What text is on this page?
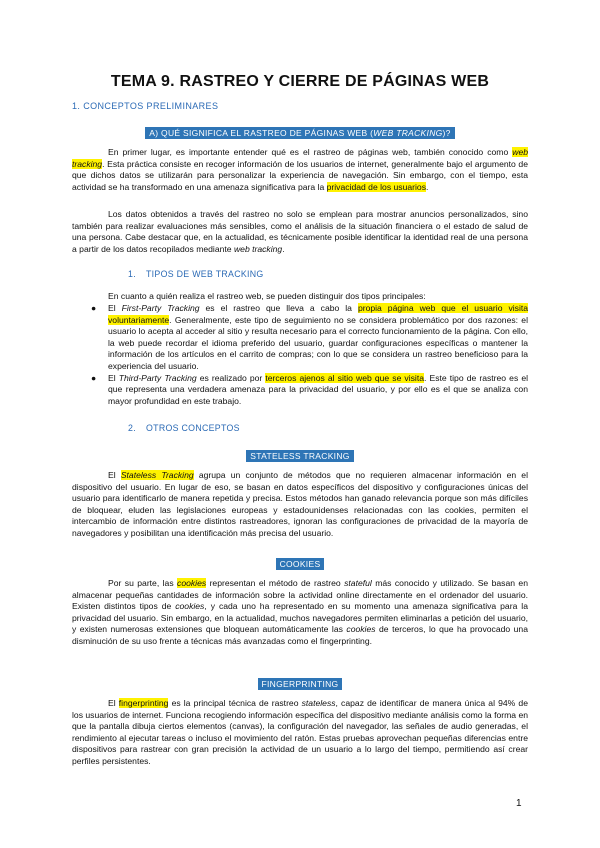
TEMA 9. RASTREO Y CIERRE DE PÁGINAS WEB
1. CONCEPTOS PRELIMINARES
A) QUÉ SIGNIFICA EL RASTREO DE PÁGINAS WEB (WEB TRACKING)?

En primer lugar, es importante entender qué es el rastreo de páginas web, también conocido como web tracking. Esta práctica consiste en recoger información de los usuarios de internet, generalmente bajo el argumento de que dichos datos se utilizarán para personalizar la experiencia de navegación. Sin embargo, con el tiempo, esta actividad se ha transformado en una amenaza significativa para la privacidad de los usuarios.

Los datos obtenidos a través del rastreo no solo se emplean para mostrar anuncios personalizados, sino también para realizar evaluaciones más sensibles, como el análisis de la situación financiera o el estado de salud de una persona. Cabe destacar que, en la actualidad, es técnicamente posible identificar la identidad real de una persona a partir de los datos recopilados mediante web tracking.

1. TIPOS DE WEB TRACKING

En cuanto a quién realiza el rastreo web, se pueden distinguir dos tipos principales:

● El First-Party Tracking es el rastreo que lleva a cabo la propia página web que el usuario visita voluntariamente. Generalmente, este tipo de seguimiento no se considera problemático por dos razones: el usuario lo acepta al acceder al sitio y resulta necesario para el correcto funcionamiento de la página. Con ello, la web puede recordar el idioma preferido del usuario, guardar configuraciones específicas o mantener la información de los artículos en el carrito de compras; con lo que se considera un rastreo beneficioso para la experiencia del usuario.
● El Third-Party Tracking es realizado por terceros ajenos al sitio web que se visita. Este tipo de rastreo es el que representa una verdadera amenaza para la privacidad del usuario, y por ello es el que se analiza con mayor profundidad en este trabajo.
2. OTROS CONCEPTOS
STATELESS TRACKING

El Stateless Tracking agrupa un conjunto de métodos que no requieren almacenar información en el dispositivo del usuario. En lugar de eso, se basan en datos específicos del dispositivo y configuraciones únicas del usuario para identificarlo de manera repetida y precisa. Estos métodos han ganado relevancia porque son más difíciles de bloquear, eluden las legislaciones europeas y estadounidenses relacionadas con las cookies, permiten el intercambio de información entre distintos rastreadores, ignoran las configuraciones de privacidad de la mayoría de navegadores y posibilitan una identificación más precisa del usuario.

COOKIES

Por su parte, las cookies representan el método de rastreo stateful más conocido y utilizado. Se basan en almacenar pequeñas cantidades de información sobre la actividad online directamente en el ordenador del usuario. Existen distintos tipos de cookies, y cada uno ha representado en su momento una amenaza significativa para la privacidad del usuario. Sin embargo, en la actualidad, muchos navegadores permiten eliminarlas a petición del usuario, y existen numerosas extensiones que bloquean automáticamente las cookies de terceros, lo que ha provocado una disminución de su uso frente a técnicas más avanzadas como el fingerprinting.

FINGERPRINTING

El fingerprinting es la principal técnica de rastreo stateless, capaz de identificar de manera única al 94% de los usuarios de internet. Funciona recogiendo información específica del dispositivo mediante análisis como la forma en que la pantalla dibuja ciertos elementos (canvas), la configuración del navegador, las señales de audio generadas, el rendimiento al ejecutar tareas o incluso el movimiento del ratón. Estas pruebas aprovechan pequeñas diferencias entre dispositivos para rastrear con gran precisión la actividad de un usuario a lo largo del tiempo, permitiendo así crear perfiles persistentes.

1
